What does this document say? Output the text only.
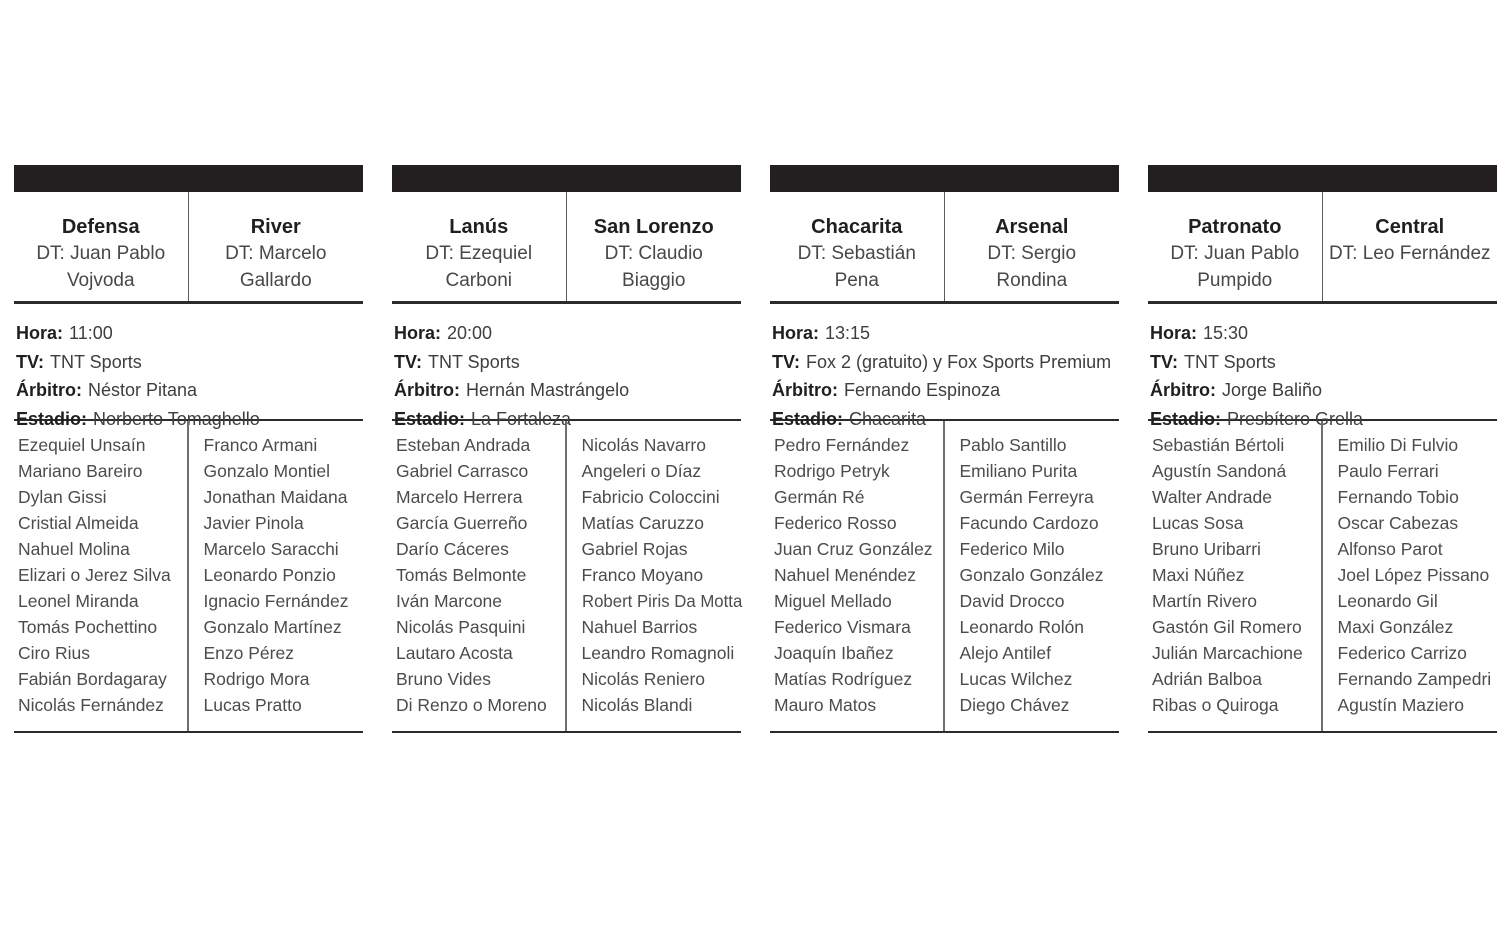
Defensa
DT: Juan Pablo Vojvoda
River
DT: Marcelo Gallardo
Hora: 11:00
TV: TNT Sports
Árbitro: Néstor Pitana
Estadio: Norberto Tomaghello
Ezequiel Unsaín
Mariano Bareiro
Dylan Gissi
Cristial Almeida
Nahuel Molina
Elizari o Jerez Silva
Leonel Miranda
Tomás Pochettino
Ciro Rius
Fabián Bordagaray
Nicolás Fernández
Franco Armani
Gonzalo Montiel
Jonathan Maidana
Javier Pinola
Marcelo Saracchi
Leonardo Ponzio
Ignacio Fernández
Gonzalo Martínez
Enzo Pérez
Rodrigo Mora
Lucas Pratto
Lanús
DT: Ezequiel Carboni
San Lorenzo
DT: Claudio Biaggio
Hora: 20:00
TV: TNT Sports
Árbitro: Hernán Mastrángelo
Estadio: La Fortaleza
Esteban Andrada
Gabriel Carrasco
Marcelo Herrera
García Guerreño
Darío Cáceres
Tomás Belmonte
Iván Marcone
Nicolás Pasquini
Lautaro Acosta
Bruno Vides
Di Renzo o Moreno
Nicolás Navarro
Angeleri o Díaz
Fabricio Coloccini
Matías Caruzzo
Gabriel Rojas
Franco Moyano
Robert Piris Da Motta
Nahuel Barrios
Leandro Romagnoli
Nicolás Reniero
Nicolás Blandi
Chacarita
DT: Sebastián Pena
Arsenal
DT: Sergio Rondina
Hora: 13:15
TV: Fox 2 (gratuito) y Fox Sports Premium
Árbitro: Fernando Espinoza
Estadio: Chacarita
Pedro Fernández
Rodrigo Petryk
Germán Ré
Federico Rosso
Juan Cruz González
Nahuel Menéndez
Miguel Mellado
Federico Vismara
Joaquín Ibañez
Matías Rodríguez
Mauro Matos
Pablo Santillo
Emiliano Purita
Germán Ferreyra
Facundo Cardozo
Federico Milo
Gonzalo González
David Drocco
Leonardo Rolón
Alejo Antilef
Lucas Wilchez
Diego Chávez
Patronato
DT: Juan Pablo Pumpido
Central
DT: Leo Fernández
Hora: 15:30
TV: TNT Sports
Árbitro: Jorge Baliño
Estadio: Presbítero Grella
Sebastián Bértoli
Agustín Sandoná
Walter Andrade
Lucas Sosa
Bruno Uribarri
Maxi Núñez
Martín Rivero
Gastón Gil Romero
Julián Marcachione
Adrián Balboa
Ribas o Quiroga
Emilio Di Fulvio
Paulo Ferrari
Fernando Tobio
Oscar Cabezas
Alfonso Parot
Joel López Pissano
Leonardo Gil
Maxi González
Federico Carrizo
Fernando Zampedri
Agustín Maziero
